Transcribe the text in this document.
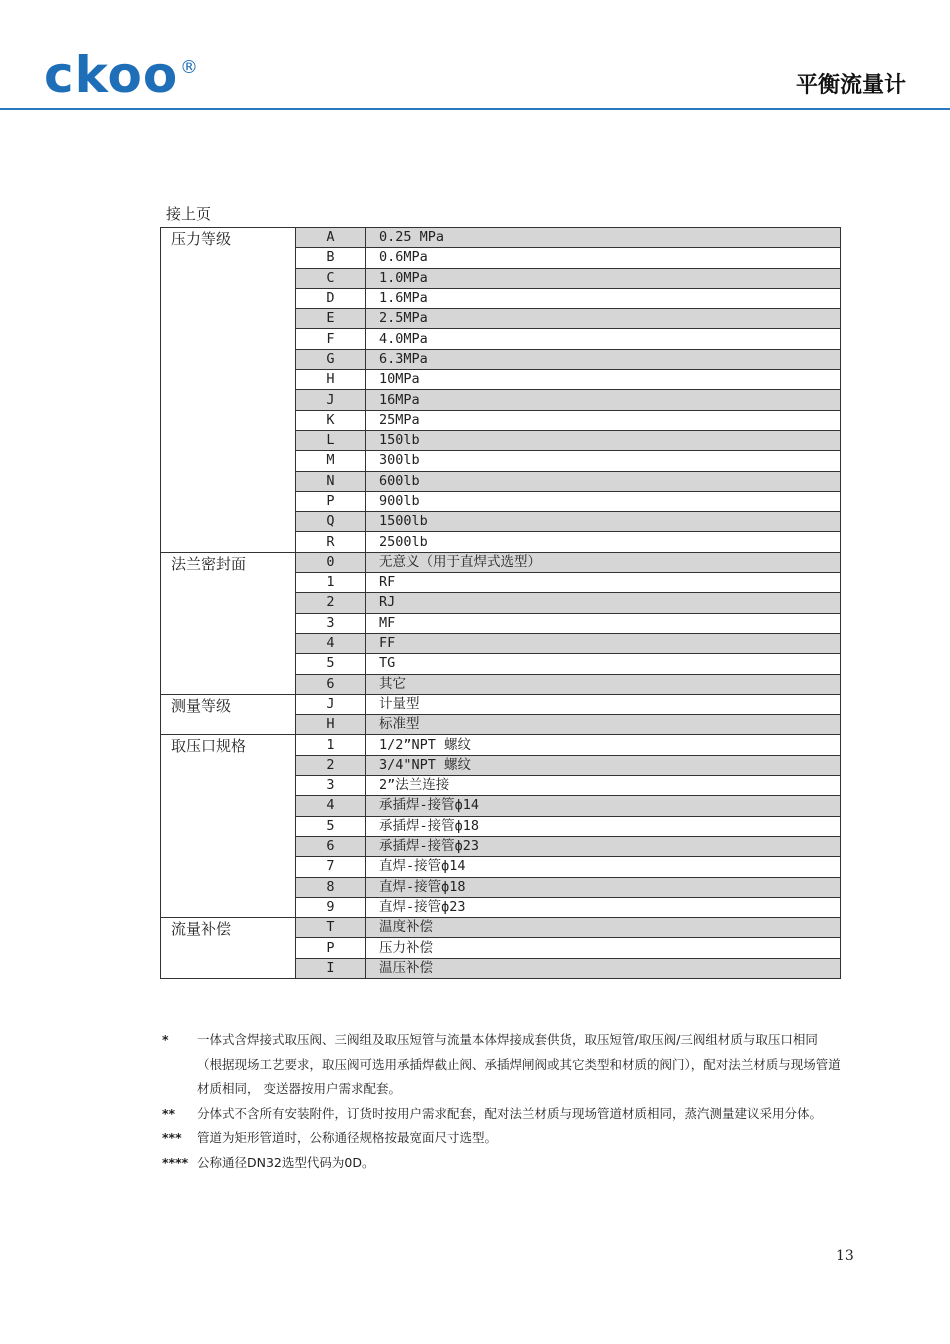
ckoo ®
平衡流量计
接上页
压力等级	A	0.25 MPa
	B	0.6MPa
	C	1.0MPa
	D	1.6MPa
	E	2.5MPa
	F	4.0MPa
	G	6.3MPa
	H	10MPa
	J	16MPa
	K	25MPa
	L	150lb
	M	300lb
	N	600lb
	P	900lb
	Q	1500lb
	R	2500lb
法兰密封面	0	无意义（用于直焊式选型）
	1	RF
	2	RJ
	3	MF
	4	FF
	5	TG
	6	其它
测量等级	J	计量型
	H	标准型
取压口规格	1	1/2”NPT 螺纹
	2	3/4"NPT 螺纹
	3	2”法兰连接
	4	承插焊-接管ф14
	5	承插焊-接管ф18
	6	承插焊-接管ф23
	7	直焊-接管ф14
	8	直焊-接管ф18
	9	直焊-接管ф23
流量补偿	T	温度补偿
	P	压力补偿
	I	温压补偿
*	一体式含焊接式取压阀、三阀组及取压短管与流量本体焊接成套供货，取压短管/取压阀/三阀组材质与取压口相同（根据现场工艺要求，取压阀可选用承插焊截止阀、承插焊闸阀或其它类型和材质的阀门），配对法兰材质与现场管道材质相同， 变送器按用户需求配套。
**	分体式不含所有安装附件，订货时按用户需求配套，配对法兰材质与现场管道材质相同，蒸汽测量建议采用分体。
***	管道为矩形管道时，公称通径规格按最宽面尺寸选型。
**** 公称通径DN32选型代码为0D。
13
